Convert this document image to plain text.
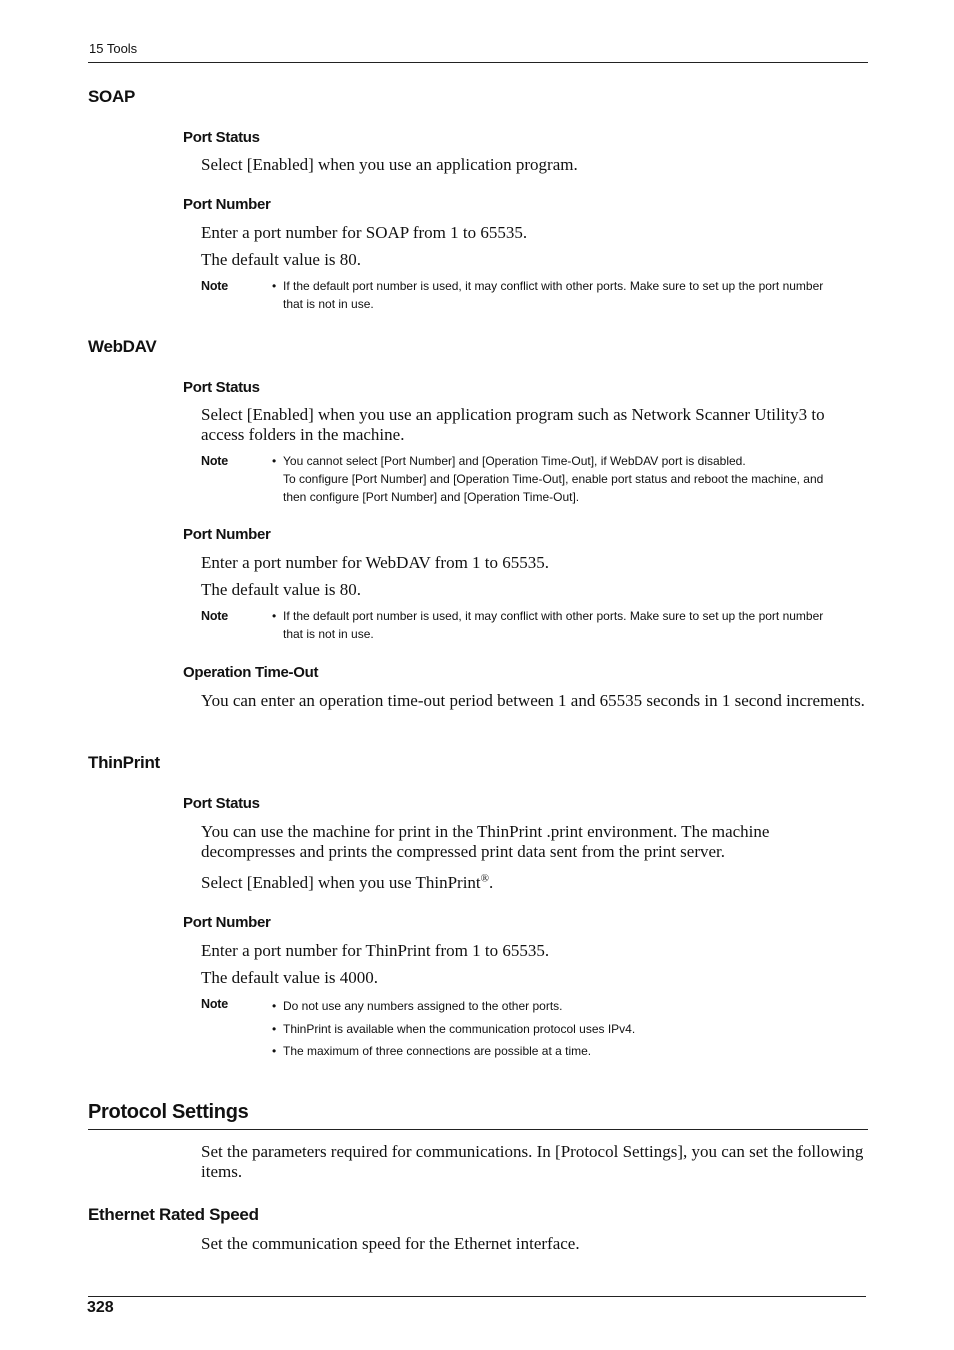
15 Tools
SOAP
Port Status
Select [Enabled] when you use an application program.
Port Number
Enter a port number for SOAP from 1 to 65535.
The default value is 80.
Note	• If the default port number is used, it may conflict with other ports. Make sure to set up the port number
that is not in use.
WebDAV
Port Status
Select [Enabled] when you use an application program such as Network Scanner Utility3 to access folders in the machine.
Note	• You cannot select [Port Number] and [Operation Time-Out], if WebDAV port is disabled.
To configure [Port Number] and [Operation Time-Out], enable port status and reboot the machine, and
then configure [Port Number] and [Operation Time-Out].
Port Number
Enter a port number for WebDAV from 1 to 65535.
The default value is 80.
Note	• If the default port number is used, it may conflict with other ports. Make sure to set up the port number
that is not in use.
Operation Time-Out
You can enter an operation time-out period between 1 and 65535 seconds in 1 second increments.
ThinPrint
Port Status
You can use the machine for print in the ThinPrint .print environment. The machine decompresses and prints the compressed print data sent from the print server.
Select [Enabled] when you use ThinPrint®.
Port Number
Enter a port number for ThinPrint from 1 to 65535.
The default value is 4000.
Note	• Do not use any numbers assigned to the other ports.
• ThinPrint is available when the communication protocol uses IPv4.
• The maximum of three connections are possible at a time.
Protocol Settings
Set the parameters required for communications. In [Protocol Settings], you can set the following items.
Ethernet Rated Speed
Set the communication speed for the Ethernet interface.
328
